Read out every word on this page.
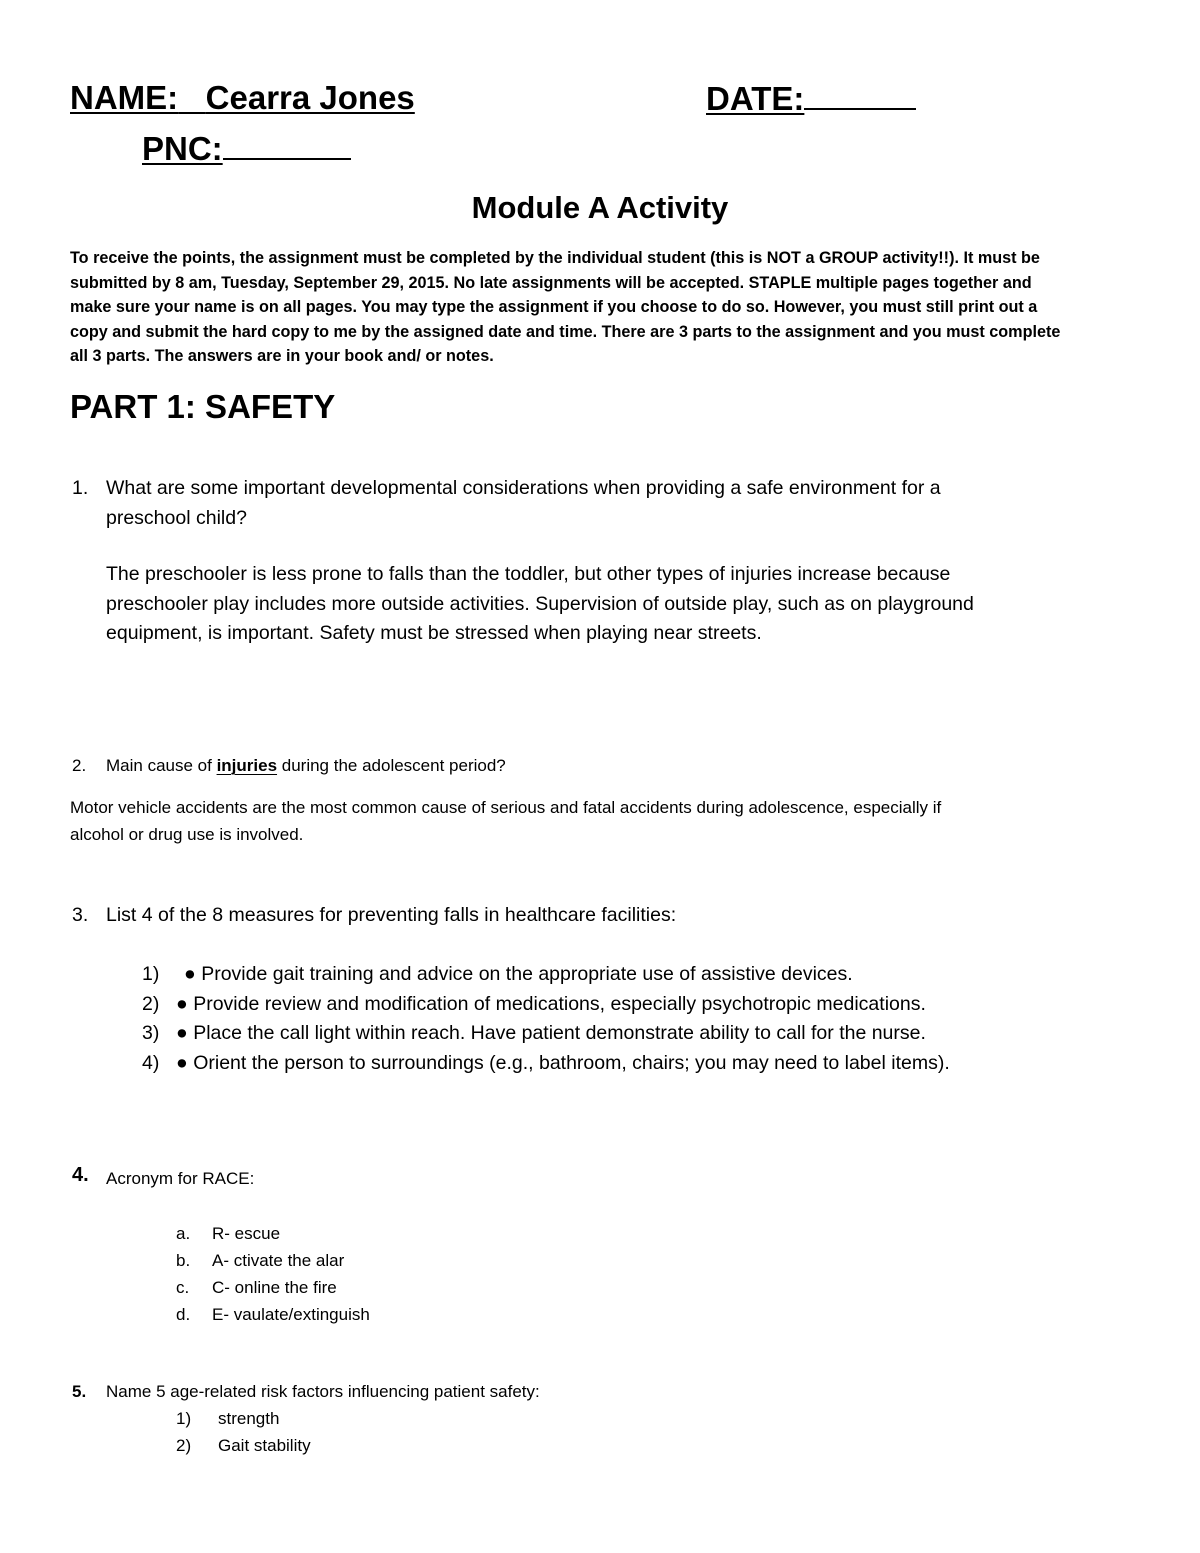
NAME: Cearra Jones	DATE:
PNC:
Module A Activity

To receive the points, the assignment must be completed by the individual student (this is NOT a GROUP activity!!). It must be

submitted by 8 am, Tuesday, September 29, 2015. No late assignments will be accepted. STAPLE multiple pages together and

make sure your name is on all pages. You may type the assignment if you choose to do so. However, you must still print out a

copy and submit the hard copy to me by the assigned date and time. There are 3 parts to the assignment and you must complete

all 3 parts. The answers are in your book and/ or notes.

PART 1: SAFETY
1. What are some important developmental considerations when providing a safe environment for a
preschool child?
The preschooler is less prone to falls than the toddler, but other types of injuries increase because
preschooler play includes more outside activities. Supervision of outside play, such as on playground
equipment, is important. Safety must be stressed when playing near streets.
2. Main cause of injuries during the adolescent period?
Motor vehicle accidents are the most common cause of serious and fatal accidents during adolescence, especially if
alcohol or drug use is involved.
3. List 4 of the 8 measures for preventing falls in healthcare facilities:
1) ● Provide gait training and advice on the appropriate use of assistive devices.
2) ● Provide review and modification of medications, especially psychotropic medications.
3) ● Place the call light within reach. Have patient demonstrate ability to call for the nurse.
4) ● Orient the person to surroundings (e.g., bathroom, chairs; you may need to label items).
4. Acronym for RACE:
a. R- escue
b. A- ctivate the alar
c. C- online the fire
d. E- vaulate/extinguish
5. Name 5 age-related risk factors influencing patient safety:
1) strength
2) Gait stability
